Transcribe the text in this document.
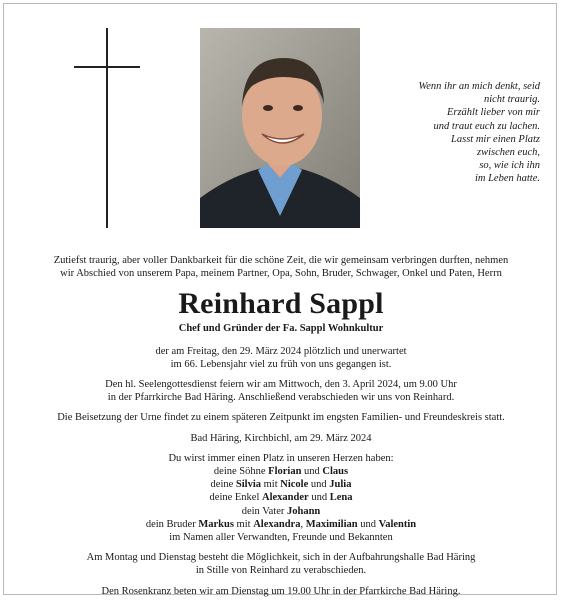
Wenn ihr an mich denkt, seid
nicht traurig.
Erzählt lieber von mir
und traut euch zu lachen.
Lasst mir einen Platz
zwischen euch,
so, wie ich ihn
im Leben hatte.
Zutiefst traurig, aber voller Dankbarkeit für die schöne Zeit, die wir gemeinsam verbringen durften, nehmen
wir Abschied von unserem Papa, meinem Partner, Opa, Sohn, Bruder, Schwager, Onkel und Paten, Herrn
Reinhard Sappl
Chef und Gründer der Fa. Sappl Wohnkultur
der am Freitag, den 29. März 2024 plötzlich und unerwartet
im 66. Lebensjahr viel zu früh von uns gegangen ist.
Den hl. Seelengottesdienst feiern wir am Mittwoch, den 3. April 2024, um 9.00 Uhr
in der Pfarrkirche Bad Häring. Anschließend verabschieden wir uns von Reinhard.
Die Beisetzung der Urne findet zu einem späteren Zeitpunkt im engsten Familien- und Freundeskreis statt.
Bad Häring, Kirchbichl, am 29. März 2024
Du wirst immer einen Platz in unseren Herzen haben:
deine Söhne Florian und Claus
deine Silvia mit Nicole und Julia
deine Enkel Alexander und Lena
dein Vater Johann
dein Bruder Markus mit Alexandra, Maximilian und Valentin
im Namen aller Verwandten, Freunde und Bekannten
Am Montag und Dienstag besteht die Möglichkeit, sich in der Aufbahrungshalle Bad Häring
in Stille von Reinhard zu verabschieden.
Den Rosenkranz beten wir am Dienstag um 19.00 Uhr in der Pfarrkirche Bad Häring.
